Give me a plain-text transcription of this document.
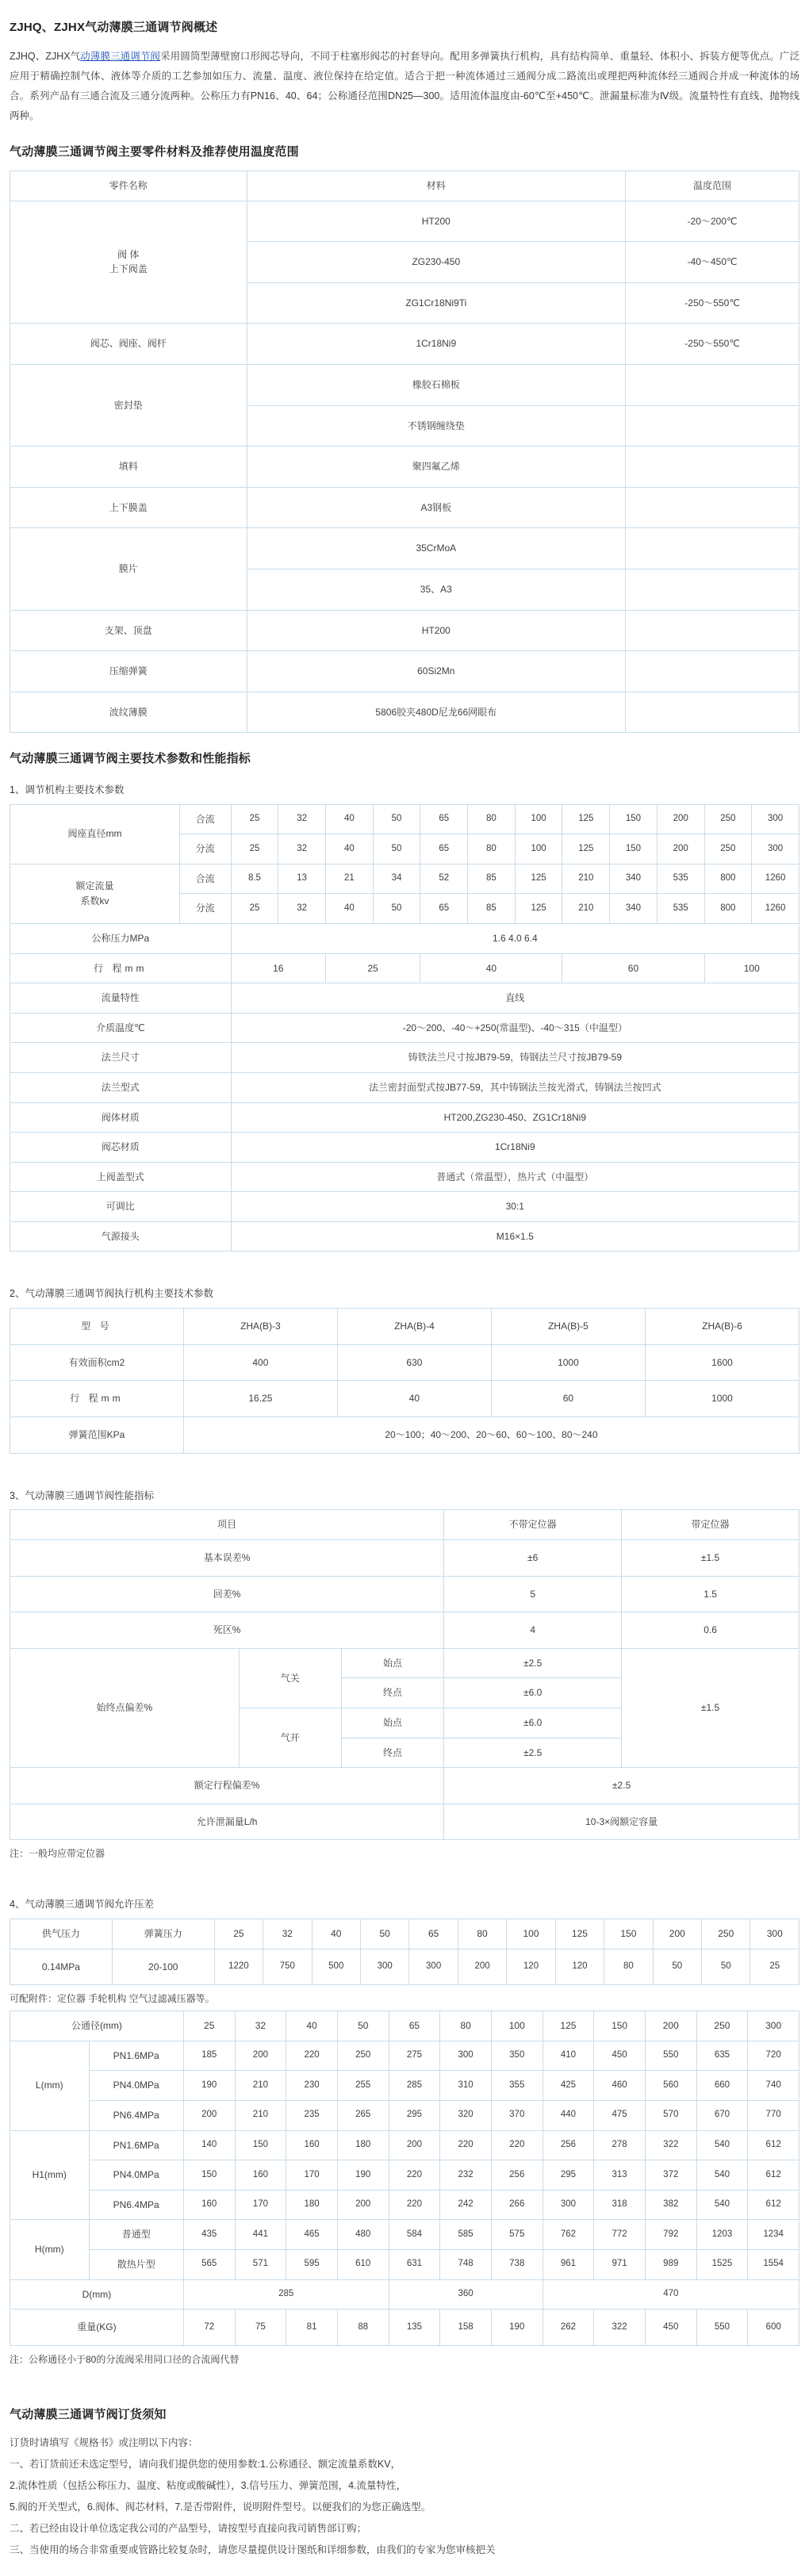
ZJHQ、ZJHX气动薄膜三通调节阀概述

ZJHQ、ZJHX气动薄膜三通调节阀采用圆筒型薄壁窗口形阀芯导向，不同于柱塞形阀芯的衬套导向。配用多弹簧执行机构，具有结构简单、重量轻、体积小、拆装方便等优点。广泛应用于精确控制气体、液体等介质的工艺参加如压力、流量、温度、液位保持在给定值。适合于把一种流体通过三通阀分成二路流出或理把两种流体经三通阀合并成一种流体的场合。系列产品有三通合流及三通分流两种。公称压力有PN16、40、64；公称通径范围DN25—300。适用流体温度由-60℃至+450℃。泄漏量标准为Ⅳ级。流量特性有直线、抛物线两种。

气动薄膜三通调节阀主要零件材料及推荐使用温度范围
零件名称	材料	温度范围
阀 体
上下阀盖	HT200	-20～200℃
	ZG230-450	-40～450℃
	ZG1Cr18Ni9Ti	-250～550℃
阀芯、阀座、阀杆	1Cr18Ni9	-250～550℃
密封垫	橡胶石棉板	
	不锈钢缠绕垫	
填料	聚四氟乙烯	
上下膜盖	A3钢板	
膜片	35CrMoA	
	35、A3	
支架、顶盘	HT200	
压缩弹簧	60Si2Mn	
波纹薄膜	5806胶夹480D尼龙66网眼布	
气动薄膜三通调节阀主要技术参数和性能指标
1、调节机构主要技术参数
阀座直径mm	合流	25	32	40	50	65	80	100	125	150	200	250	300
	分流	25	32	40	50	65	80	100	125	150	200	250	300
额定流量
系数kv	合流	8.5	13	21	34	52	85	125	210	340	535	800	1260
	分流	25	32	40	50	65	85	125	210	340	535	800	1260
公称压力MPa		1.6 4.0 6.4											
行 程mm		16		25		40			60			100	
流量特性		直线											
介质温度℃		-20～200、-40～+250(常温型)、-40～315（中温型）											
法兰尺寸		铸铁法兰尺寸按JB79-59，铸钢法兰尺寸按JB79-59											
法兰型式		法兰密封面型式按JB77-59，其中铸钢法兰按光滑式，铸钢法兰按凹式											
阀体材质		HT200,ZG230-450、ZG1Cr18Ni9											
阀芯材质		1Cr18Ni9											
上阀盖型式		普通式（常温型），热片式（中温型）											
可调比		30:1											
气源接头		M16×1.5											
2、气动薄膜三通调节阀执行机构主要技术参数
型 号	ZHA(B)-3	ZHA(B)-4	ZHA(B)-5	ZHA(B)-6
有效面积cm2	400	630	1000	1600
行 程mm	16.25	40	60	1000
弹簧范围KPa	20～100；40～200、20～60、60～100、80～240			
3、气动薄膜三通调节阀性能指标
项目			不带定位器	带定位器
基本误差%			±6	±1.5
回差%			5	1.5
死区%			4	0.6
始终点偏差%	气关	始点	±2.5	±1.5
		终点	±6.0	
	气开	始点	±6.0	
		终点	±2.5	
额定行程偏差%			±2.5	
允许泄漏量L/h			10-3×阀额定容量	

注：一般均应带定位器

4、气动薄膜三通调节阀允许压差
供气压力	弹簧压力	25	32	40	50	65	80	100	125	150	200	250	300
0.14MPa	20-100	1220	750	500	300	300	200	120	120	80	50	50	25

可配附件：定位器 手轮机构 空气过滤减压器等。

公通径(mm)		25	32	40	50	65	80	100	125	150	200	250	300
L(mm)	PN1.6MPa	185	200	220	250	275	300	350	410	450	550	635	720
	PN4.0MPa	190	210	230	255	285	310	355	425	460	560	660	740
	PN6.4MPa	200	210	235	265	295	320	370	440	475	570	670	770
H1(mm)	PN1.6MPa	140	150	160	180	200	220	220	256	278	322	540	612
	PN4.0MPa	150	160	170	190	220	232	256	295	313	372	540	612
	PN6.4MPa	160	170	180	200	220	242	266	300	318	382	540	612
H(mm)	普通型	435	441	465	480	584	585	575	762	772	792	1203	1234
	散热片型	565	571	595	610	631	748	738	961	971	989	1525	1554
D(mm)		285				360			470				
重量(KG)		72	75	81	88	135	158	190	262	322	450	550	600

注：公称通径小于80的分流阀采用同口径的合流阀代替

气动薄膜三通调节阀订货须知

订货时请填写《规格书》或注明以下内容：

一、若订货前还未选定型号，请向我们提供您的使用参数:1.公称通径、额定流量系数KV，

2.流体性质（包括公称压力、温度、粘度或酸碱性），3.信号压力、弹簧范围，4.流量特性，

5.阀的开关型式，6.阀体、阀芯材料，7.是否带附件，说明附件型号。以便我们的为您正确选型。

二、若已经由设计单位选定我公司的产品型号，请按型号直接向我司销售部订购；

三、当使用的场合非常重要或管路比较复杂时，请您尽量提供设计图纸和详细参数，由我们的专家为您审核把关
